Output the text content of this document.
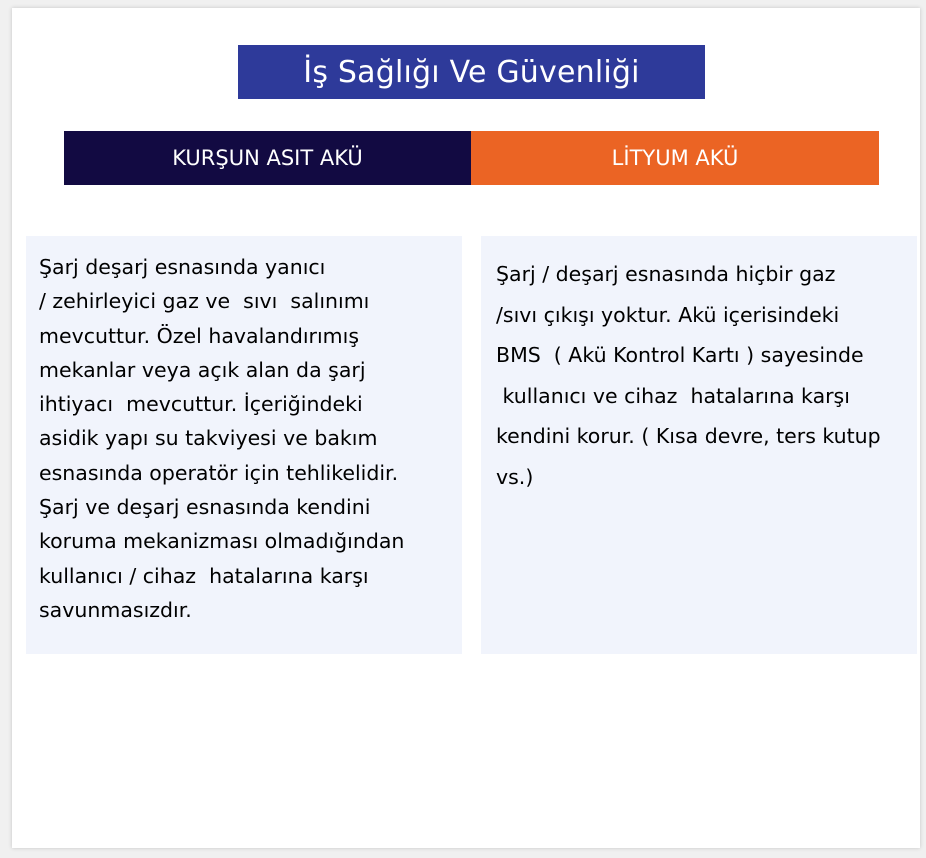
İş Sağlığı Ve Güvenliği
KURŞUN ASIT AKÜ	LİTYUM AKÜ
Şarj deşarj esnasında yanıcı
/ zehirleyici gaz ve  sıvı  salınımı
mevcuttur. Özel havalandırımış
mekanlar veya açık alan da şarj
ihtiyacı  mevcuttur. İçeriğindeki
asidik yapı su takviyesi ve bakım
esnasında operatör için tehlikelidir.
Şarj ve deşarj esnasında kendini
koruma mekanizması olmadığından
kullanıcı / cihaz  hatalarına karşı
savunmasızdır.
Şarj / deşarj esnasında hiçbir gaz
/sıvı çıkışı yoktur. Akü içerisindeki
BMS  ( Akü Kontrol Kartı ) sayesinde
kullanıcı ve cihaz  hatalarına karşı
kendini korur. ( Kısa devre, ters kutup
vs.)
